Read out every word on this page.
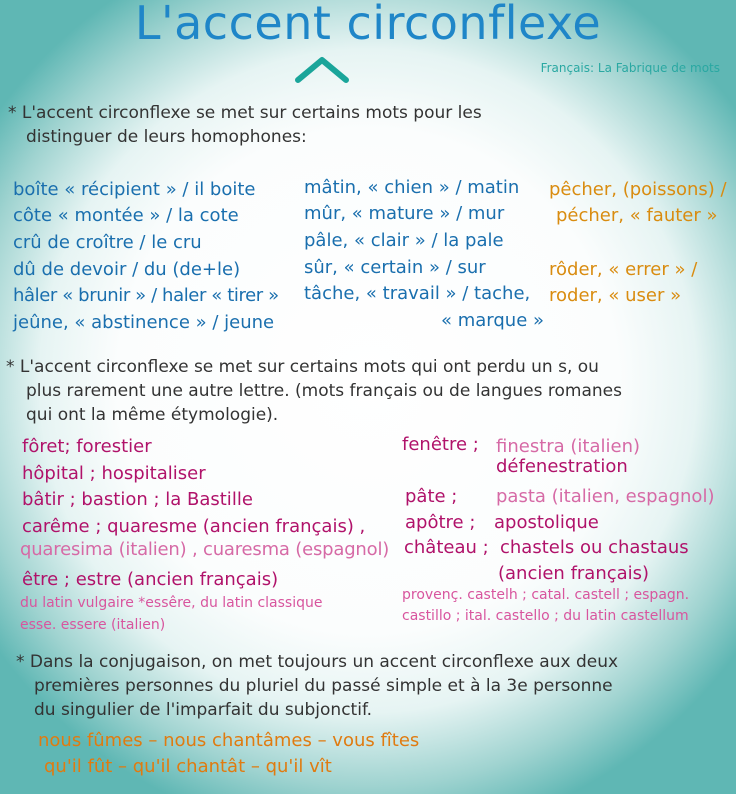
L'accent circonflexe
Français: La Fabrique de mots
* L'accent circonflexe se met sur certains mots pour les
distinguer de leurs homophones:
boîte « récipient » / il boite
côte « montée » / la cote
crû de croître / le cru
dû de devoir / du (de+le)
hâler « brunir » / haler « tirer »
jeûne, « abstinence » / jeune
mâtin, « chien » / matin
mûr, « mature » / mur
pâle, « clair » / la pale
sûr, « certain » / sur
tâche, « travail » / tache,
« marque »
pêcher, (poissons) /
pécher, « fauter »
rôder, « errer » /
roder, « user »
* L'accent circonflexe se met sur certains mots qui ont perdu un s, ou
plus rarement une autre lettre. (mots français ou de langues romanes
qui ont la même étymologie).
fôret; forestier
hôpital ; hospitaliser
bâtir ; bastion ; la Bastille
carême ; quaresme (ancien français) ,
quaresima (italien) , cuaresma (espagnol)
être ; estre (ancien français)
du latin vulgaire *essêre, du latin classique
esse. essere (italien)
fenêtre ; finestra (italien)
défenestration
pâte ; pasta (italien, espagnol)
apôtre ; apostolique
château ; chastels ou chastaus
(ancien français)
provenç. castelh ; catal. castell ; espagn.
castillo ; ital. castello ; du latin castellum
* Dans la conjugaison, on met toujours un accent circonflexe aux deux
premières personnes du pluriel du passé simple et à la 3e personne
du singulier de l'imparfait du subjonctif.
nous fûmes – nous chantâmes – vous fîtes
qu'il fût – qu'il chantât – qu'il vît
